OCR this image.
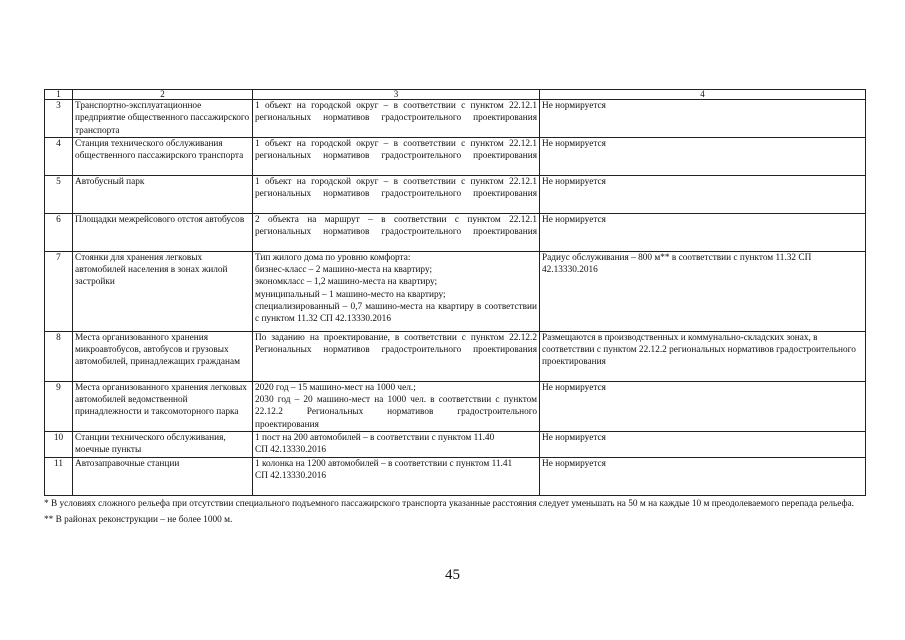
1	2	3	4
3	Транспортно-эксплуатационное предприятие общественного пассажирского транспорта	1 объект на городской округ – в соответствии с пунктом 22.12.1 региональных нормативов градостроительного проектирования	Не нормируется
4	Станция технического обслуживания общественного пассажирского транспорта	1 объект на городской округ – в соответствии с пунктом 22.12.1 региональных нормативов градостроительного проектирования	Не нормируется
5	Автобусный парк	1 объект на городской округ – в соответствии с пунктом 22.12.1 региональных нормативов градостроительного проектирования	Не нормируется
6	Площадки межрейсового отстоя автобусов	2 объекта на маршрут – в соответствии с пунктом 22.12.1 региональных нормативов градостроительного проектирования	Не нормируется
7	Стоянки для хранения легковых автомобилей населения в зонах жилой застройки	Тип жилого дома по уровню комфорта:
бизнес-класс – 2 машино-места на квартиру;
экономкласс – 1,2 машино-места на квартиру;
муниципальный – 1 машино-место на квартиру;
специализированный – 0,7 машино-места на квартиру в соответствии с пунктом 11.32 СП 42.13330.2016	Радиус обслуживания – 800 м** в соответствии с пунктом 11.32 СП 42.13330.2016
8	Места организованного хранения микроавтобусов, автобусов и грузовых автомобилей, принадлежащих гражданам	По заданию на проектирование, в соответствии с пунктом 22.12.2 Региональных нормативов градостроительного проектирования	Размещаются в производственных и коммунально-складских зонах, в соответствии с пунктом 22.12.2 региональных нормативов градостроительного проектирования
9	Места организованного хранения легковых автомобилей ведомственной принадлежности и таксомоторного парка	2020 год – 15 машино-мест на 1000 чел.;
2030 год – 20 машино-мест на 1000 чел. в соответствии с пунктом 22.12.2 Региональных нормативов градостроительного проектирования	Не нормируется
10	Станции технического обслуживания, моечные пункты	1 пост на 200 автомобилей – в соответствии с пунктом 11.40
СП 42.13330.2016	Не нормируется
11	Автозаправочные станции	1 колонка на 1200 автомобилей – в соответствии с пунктом 11.41
СП 42.13330.2016	Не нормируется

* В условиях сложного рельефа при отсутствии специального подъемного пассажирского транспорта указанные расстояния следует уменьшать на 50 м на каждые 10 м преодолеваемого перепада рельефа.

** В районах реконструкции – не более 1000 м.

45
